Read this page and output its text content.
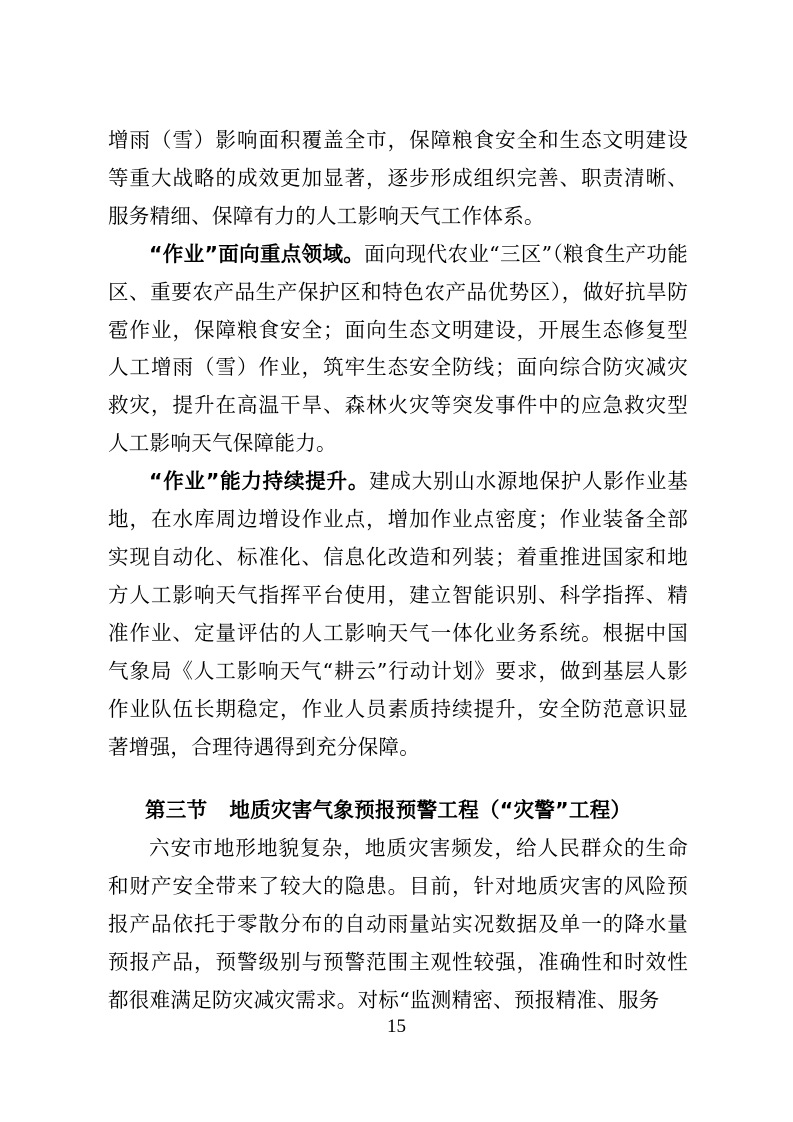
增雨（雪）影响面积覆盖全市，保障粮食安全和生态文明建设等重大战略的成效更加显著，逐步形成组织完善、职责清晰、服务精细、保障有力的人工影响天气工作体系。

“作业”面向重点领域。面向现代农业“三区”（粮食生产功能区、重要农产品生产保护区和特色农产品优势区），做好抗旱防雹作业，保障粮食安全；面向生态文明建设，开展生态修复型人工增雨（雪）作业，筑牢生态安全防线；面向综合防灾减灾救灾，提升在高温干旱、森林火灾等突发事件中的应急救灾型人工影响天气保障能力。

“作业”能力持续提升。建成大别山水源地保护人影作业基地，在水库周边增设作业点，增加作业点密度；作业装备全部实现自动化、标准化、信息化改造和列装；着重推进国家和地方人工影响天气指挥平台使用，建立智能识别、科学指挥、精准作业、定量评估的人工影响天气一体化业务系统。根据中国气象局《人工影响天气“耕云”行动计划》要求，做到基层人影作业队伍长期稳定，作业人员素质持续提升，安全防范意识显著增强，合理待遇得到充分保障。

第三节 地质灾害气象预报预警工程（“灾警”工程）

六安市地形地貌复杂，地质灾害频发，给人民群众的生命和财产安全带来了较大的隐患。目前，针对地质灾害的风险预报产品依托于零散分布的自动雨量站实况数据及单一的降水量预报产品，预警级别与预警范围主观性较强，准确性和时效性都很难满足防灾减灾需求。对标“监测精密、预报精准、服务

15
